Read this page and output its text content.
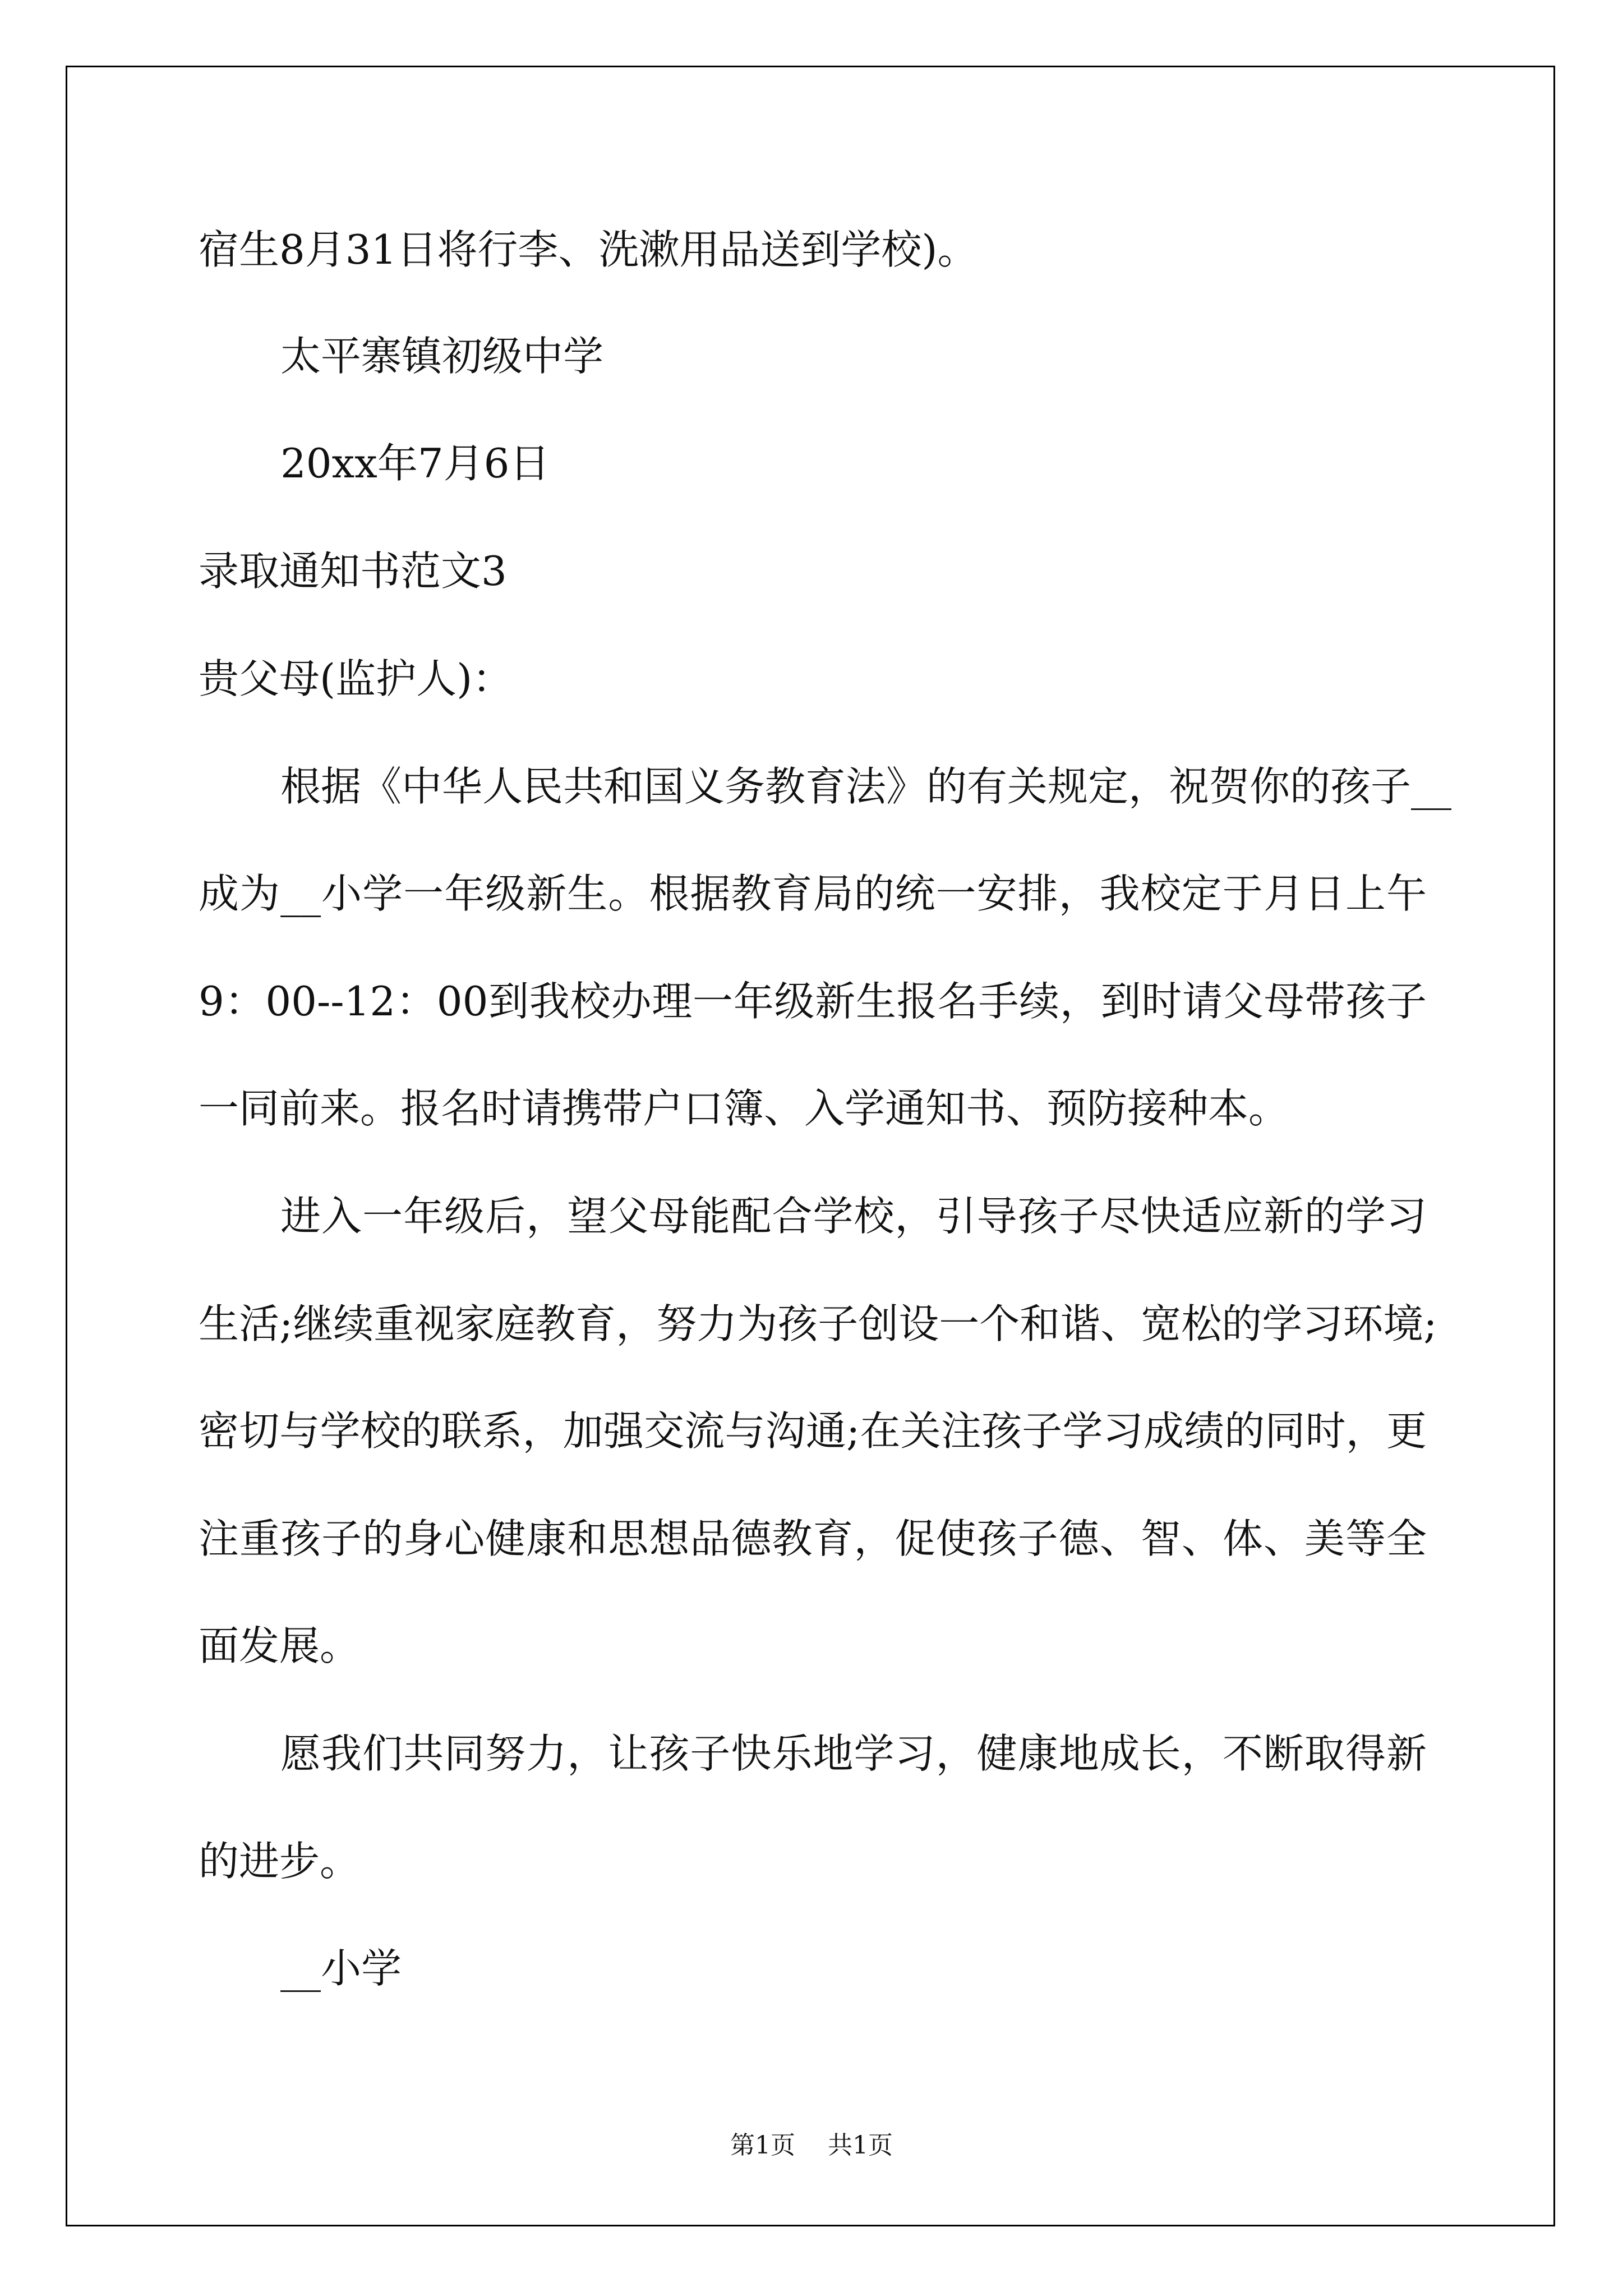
宿生8月31日将行李、洗漱用品送到学校)。
太平寨镇初级中学
20xx年7月6日
录取通知书范文3
贵父母(监护人)：
根据《中华人民共和国义务教育法》的有关规定，祝贺你的孩子__
成为__小学一年级新生。根据教育局的统一安排，我校定于月日上午
9：00--12：00到我校办理一年级新生报名手续，到时请父母带孩子
一同前来。报名时请携带户口簿、入学通知书、预防接种本。
进入一年级后，望父母能配合学校，引导孩子尽快适应新的学习
生活;继续重视家庭教育，努力为孩子创设一个和谐、宽松的学习环境;
密切与学校的联系，加强交流与沟通;在关注孩子学习成绩的同时，更
注重孩子的身心健康和思想品德教育，促使孩子德、智、体、美等全
面发展。
愿我们共同努力，让孩子快乐地学习，健康地成长，不断取得新
的进步。
__小学
第1页 共1页
